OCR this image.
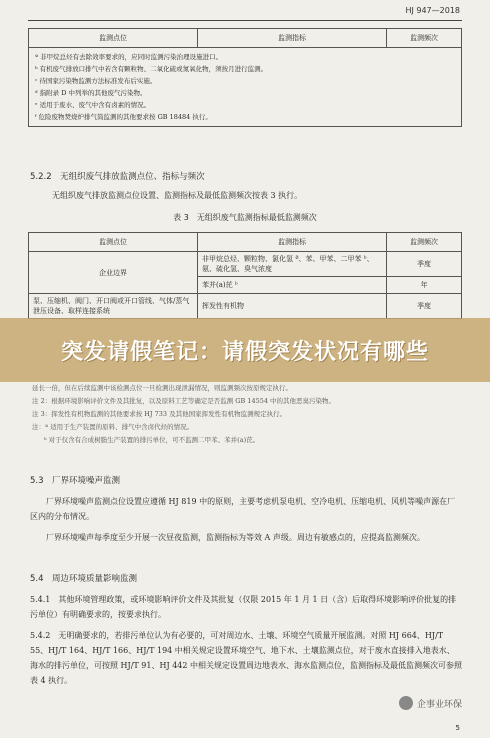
HJ 947—2018
监测点位	监测指标	监测频次

ª 非甲烷总烃有去除效率要求的，应同时监测污染治理设施进口。
ᵇ 有机废气排放口排气中若含有颗粒物、二氧化硫或氮氧化物，须按月进行监测。
ᶜ 待国家污染物监测方法标准发布后实施。
ᵈ 指附录 D 中列举的其他废气污染物。
ᵉ 适用于废水、废气中含有卤素的情况。
ᶠ 危险废物焚烧炉排气筒监测的其他要求按 GB 18484 执行。
5.2.2　无组织废气排放监测点位、指标与频次
无组织废气排放监测点位设置、监测指标及最低监测频次按表 3 执行。
表 3　无组织废气监测指标最低监测频次
监测点位	监测指标	监测频次
企业边界	非甲烷总烃、颗粒物、氯化氢 ª、苯、甲苯、二甲苯 ᵇ、氨、硫化氢、臭气浓度	季度
	苯并(a)芘 ᵇ	年
泵、压缩机、阀门、开口阀或开口管线、气体/蒸气泄压设备、取样连接系统	挥发性有机物	季度
突发请假笔记：请假突发状况有哪些
延长一倍，但在后续监测中该检测点位一旦检测出现泄漏情况，则监测频次按原规定执行。
注 2：根据环境影响评价文件及其批复，以及原料工艺等确定是否监测 GB 14554 中的其他恶臭污染物。
注 3：挥发性有机物监测的其他要求按 HJ 733 及其他国家挥发性有机物监测规定执行。
注：ª 适用于生产装置的原料、排气中含卤代烃的情况。
ᵇ 对于仅含有合成树脂生产装置的排污单位，可不监测二甲苯、苯并(a)芘。
5.3　厂界环境噪声监测
厂界环境噪声监测点位设置应遵循 HJ 819 中的原则，主要考虑机泵电机、空冷电机、压缩电机、风机等噪声源在厂区内的分布情况。
厂界环境噪声每季度至少开展一次昼夜监测，监测指标为等效 A 声级。周边有敏感点的，应提高监测频次。
5.4　周边环境质量影响监测
5.4.1　其他环境管理政策，或环境影响评价文件及其批复（仅限 2015 年 1 月 1 日（含）后取得环境影响评价批复的排污单位）有明确要求的，按要求执行。
5.4.2　无明确要求的，若排污单位认为有必要的，可对周边水、土壤、环境空气质量开展监测。对照 HJ 664、HJ/T 55、HJ/T 164、HJ/T 166、HJ/T 194 中相关规定设置环境空气、地下水、土壤监测点位，对于废水直接排入地表水、海水的排污单位，可按照 HJ/T 91、HJ 442 中相关规定设置周边地表水、海水监测点位，监测指标及最低监测频次可参照表 4 执行。
企事业环保
5
